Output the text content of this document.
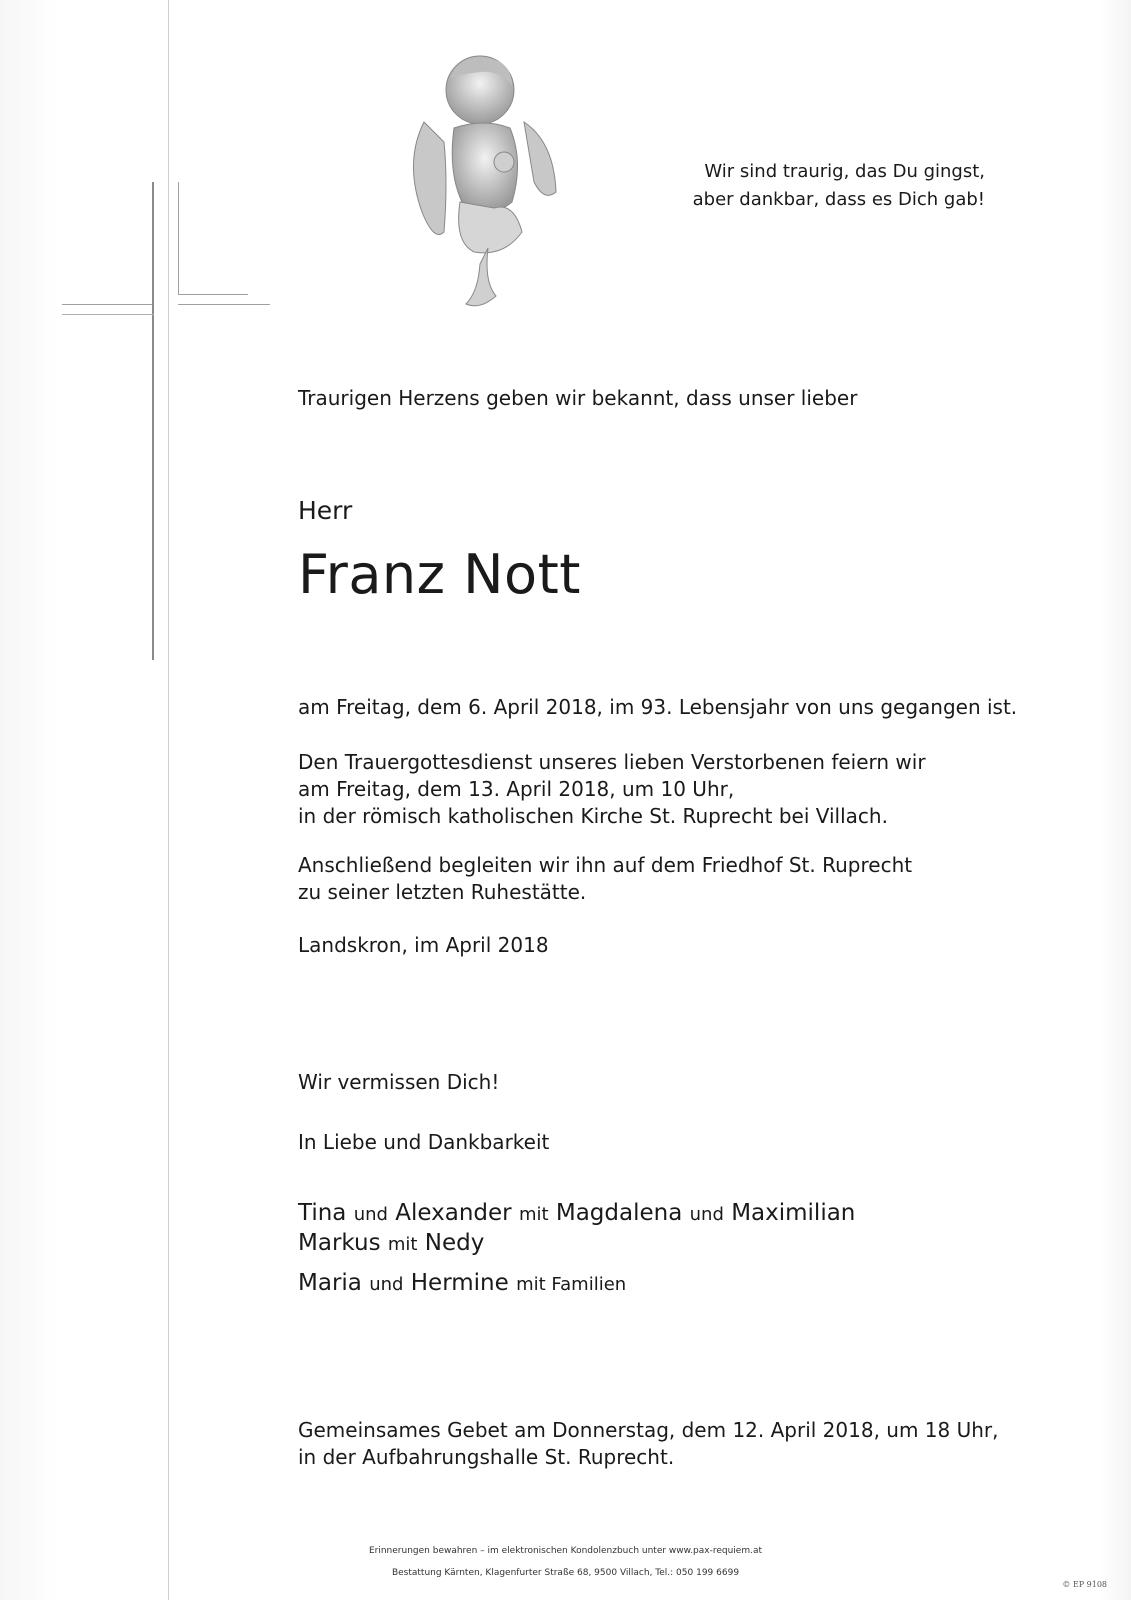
Wir sind traurig, das Du gingst,
aber dankbar, dass es Dich gab!
Traurigen Herzens geben wir bekannt, dass unser lieber
Herr
Franz Nott
am Freitag, dem 6. April 2018, im 93. Lebensjahr von uns gegangen ist.
Den Trauergottesdienst unseres lieben Verstorbenen feiern wir
am Freitag, dem 13. April 2018, um 10 Uhr,
in der römisch katholischen Kirche St. Ruprecht bei Villach.
Anschließend begleiten wir ihn auf dem Friedhof St. Ruprecht
zu seiner letzten Ruhestätte.
Landskron, im April 2018
Wir vermissen Dich!
In Liebe und Dankbarkeit
Tina und Alexander mit Magdalena und Maximilian
Markus mit Nedy
Maria und Hermine mit Familien
Gemeinsames Gebet am Donnerstag, dem 12. April 2018, um 18 Uhr,
in der Aufbahrungshalle St. Ruprecht.
Erinnerungen bewahren – im elektronischen Kondolenzbuch unter www.pax-requiem.at
Bestattung Kärnten, Klagenfurter Straße 68, 9500 Villach, Tel.: 050 199 6699
© EP 9108
